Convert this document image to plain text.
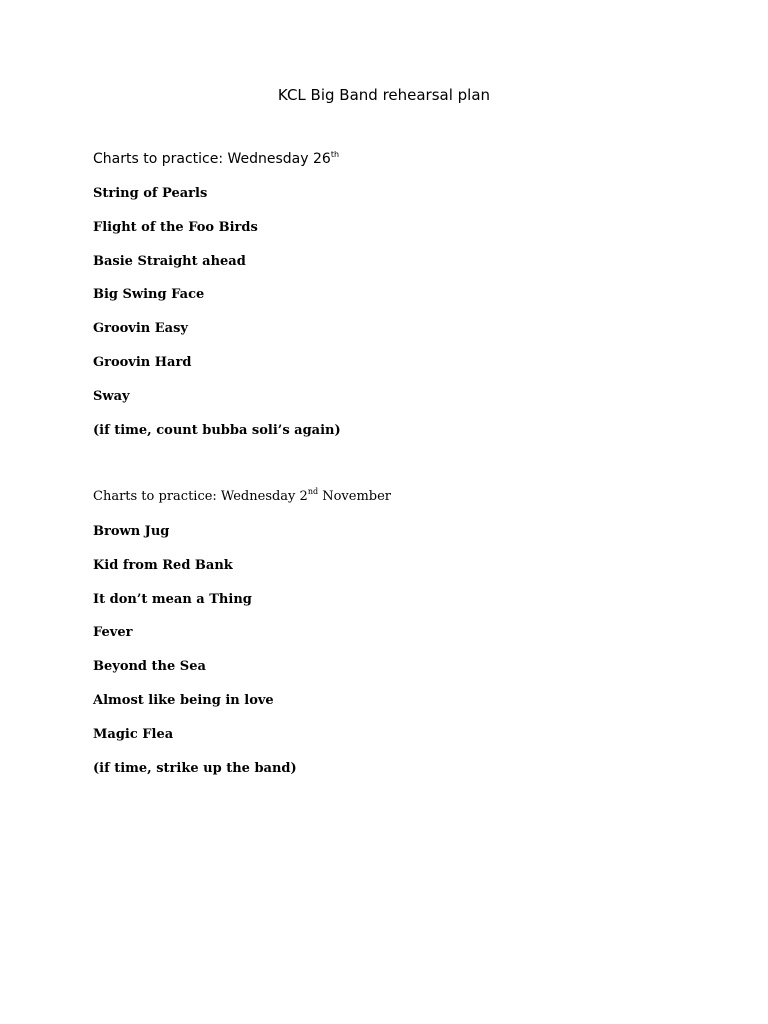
KCL Big Band rehearsal plan
Charts to practice: Wednesday 26th
String of Pearls
Flight of the Foo Birds
Basie Straight ahead
Big Swing Face
Groovin Easy
Groovin Hard
Sway
(if time, count bubba soli’s again)
Charts to practice: Wednesday 2nd November
Brown Jug
Kid from Red Bank
It don’t mean a Thing
Fever
Beyond the Sea
Almost like being in love
Magic Flea
(if time, strike up the band)
